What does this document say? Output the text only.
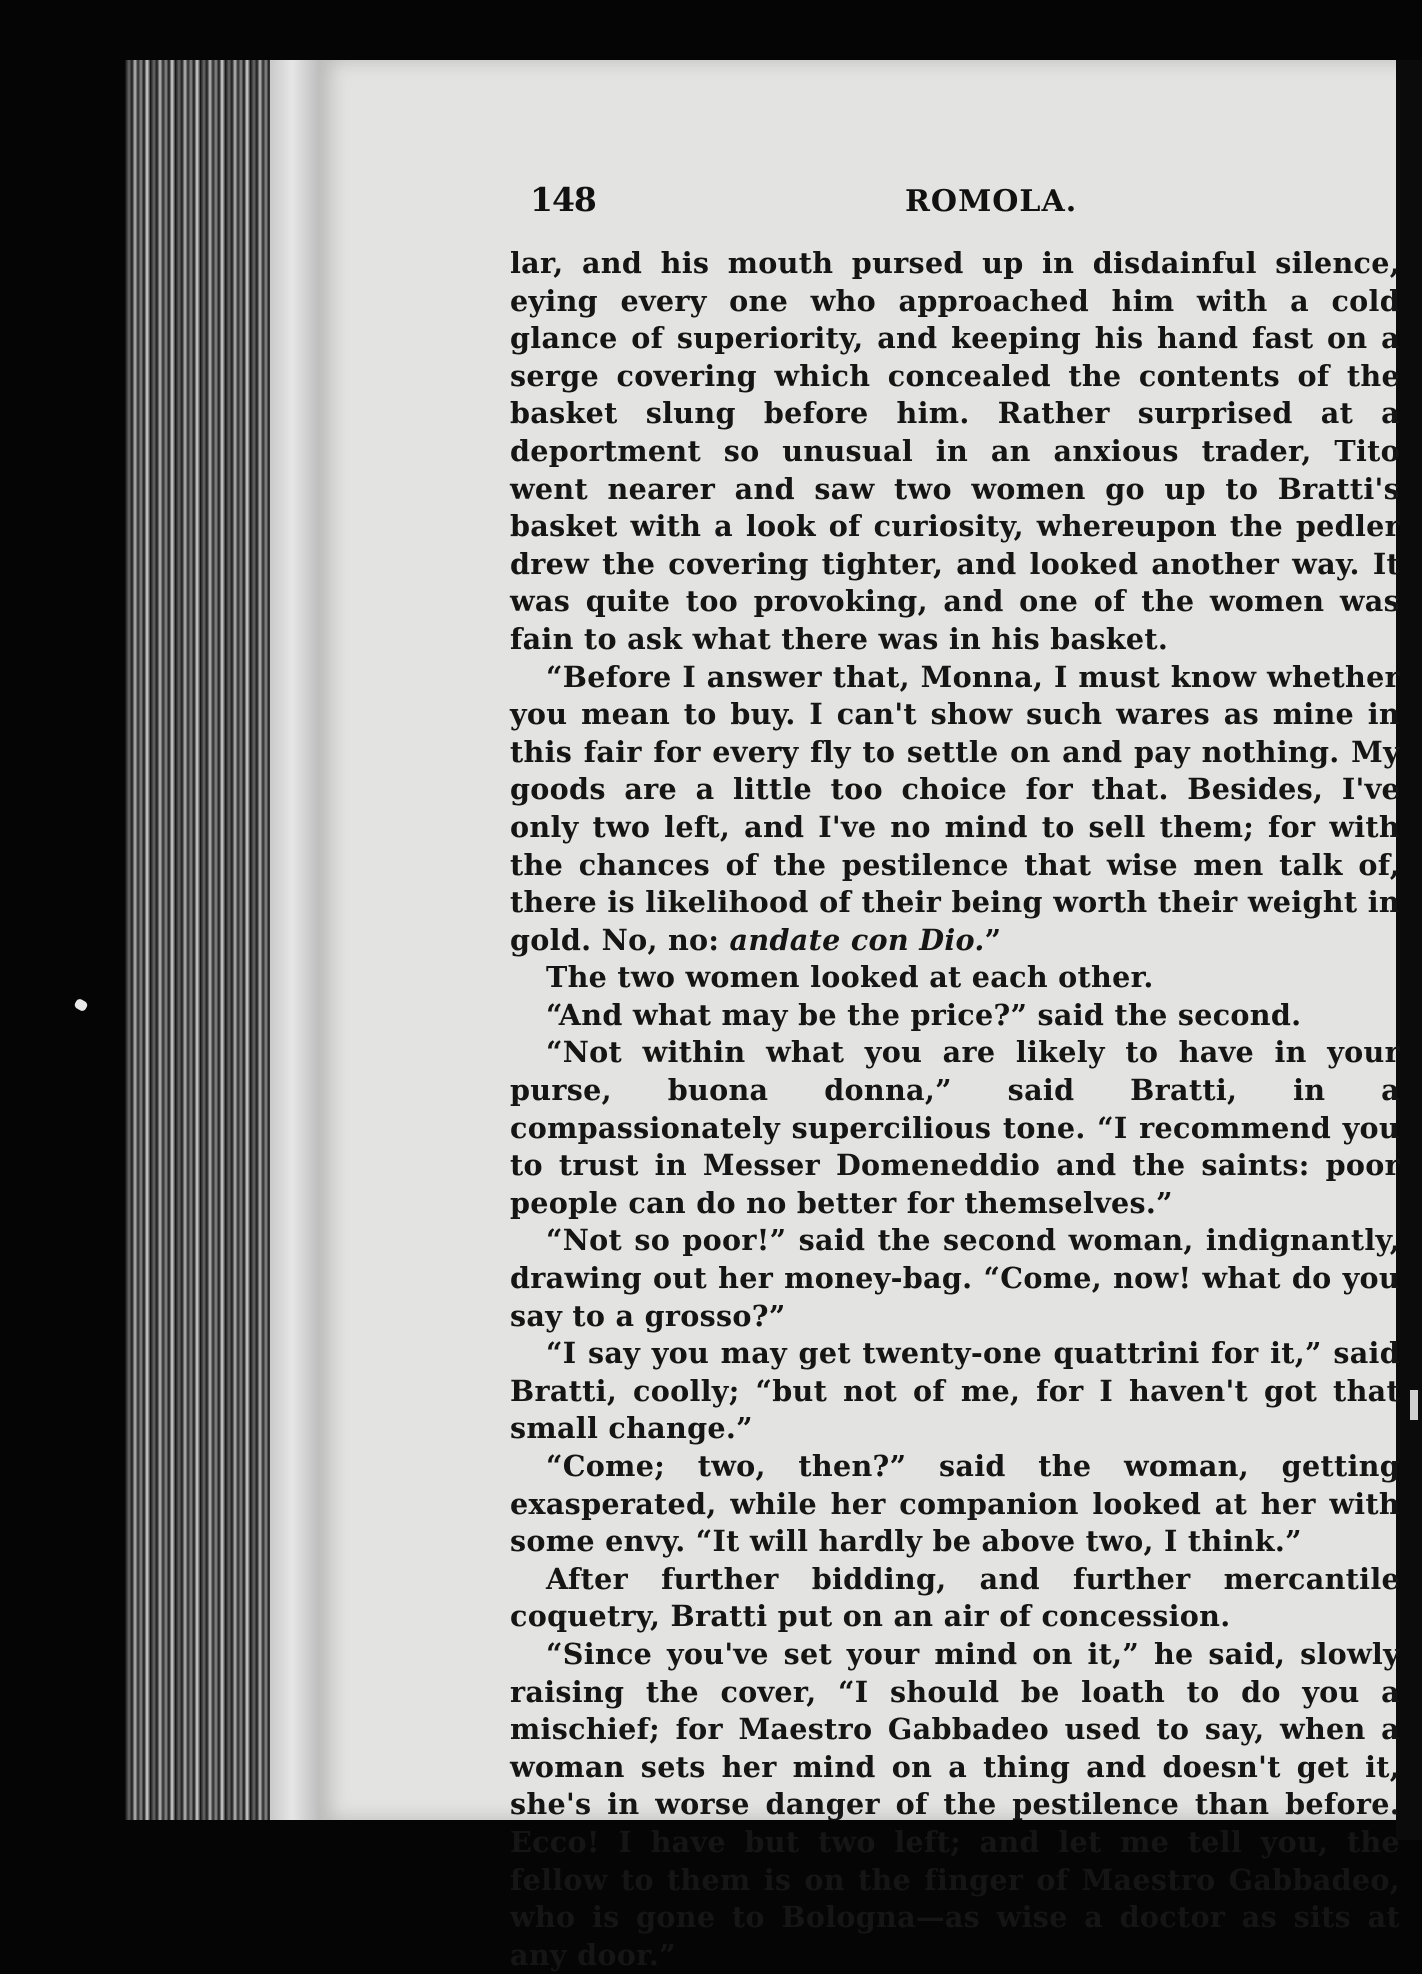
148	ROMOLA.

lar, and his mouth pursed up in disdainful silence, eying every one who approached him with a cold glance of superiority, and keeping his hand fast on a serge covering which concealed the contents of the basket slung before him. Rather surprised at a deportment so unusual in an anxious trader, Tito went nearer and saw two women go up to Bratti's basket with a look of curiosity, whereupon the pedler drew the covering tighter, and looked another way. It was quite too provoking, and one of the women was fain to ask what there was in his basket.

“Before I answer that, Monna, I must know whether you mean to buy. I can't show such wares as mine in this fair for every fly to settle on and pay nothing. My goods are a little too choice for that. Besides, I've only two left, and I've no mind to sell them; for with the chances of the pestilence that wise men talk of, there is likelihood of their being worth their weight in gold. No, no: andate con Dio.”

The two women looked at each other.

“And what may be the price?” said the second.

“Not within what you are likely to have in your purse, buona donna,” said Bratti, in a compassionately supercilious tone. “I recommend you to trust in Messer Domeneddio and the saints: poor people can do no better for themselves.”

“Not so poor!” said the second woman, indignantly, drawing out her money-bag. “Come, now! what do you say to a grosso?”

“I say you may get twenty-one quattrini for it,” said Bratti, coolly; “but not of me, for I haven't got that small change.”

“Come; two, then?” said the woman, getting exasperated, while her companion looked at her with some envy. “It will hardly be above two, I think.”

After further bidding, and further mercantile coquetry, Bratti put on an air of concession.

“Since you've set your mind on it,” he said, slowly raising the cover, “I should be loath to do you a mischief; for Maestro Gabbadeo used to say, when a woman sets her mind on a thing and doesn't get it, she's in worse danger of the pestilence than before. Ecco! I have but two left; and let me tell you, the fellow to them is on the finger of Maestro Gabbadeo, who is gone to Bologna—as wise a doctor as sits at any door.”
